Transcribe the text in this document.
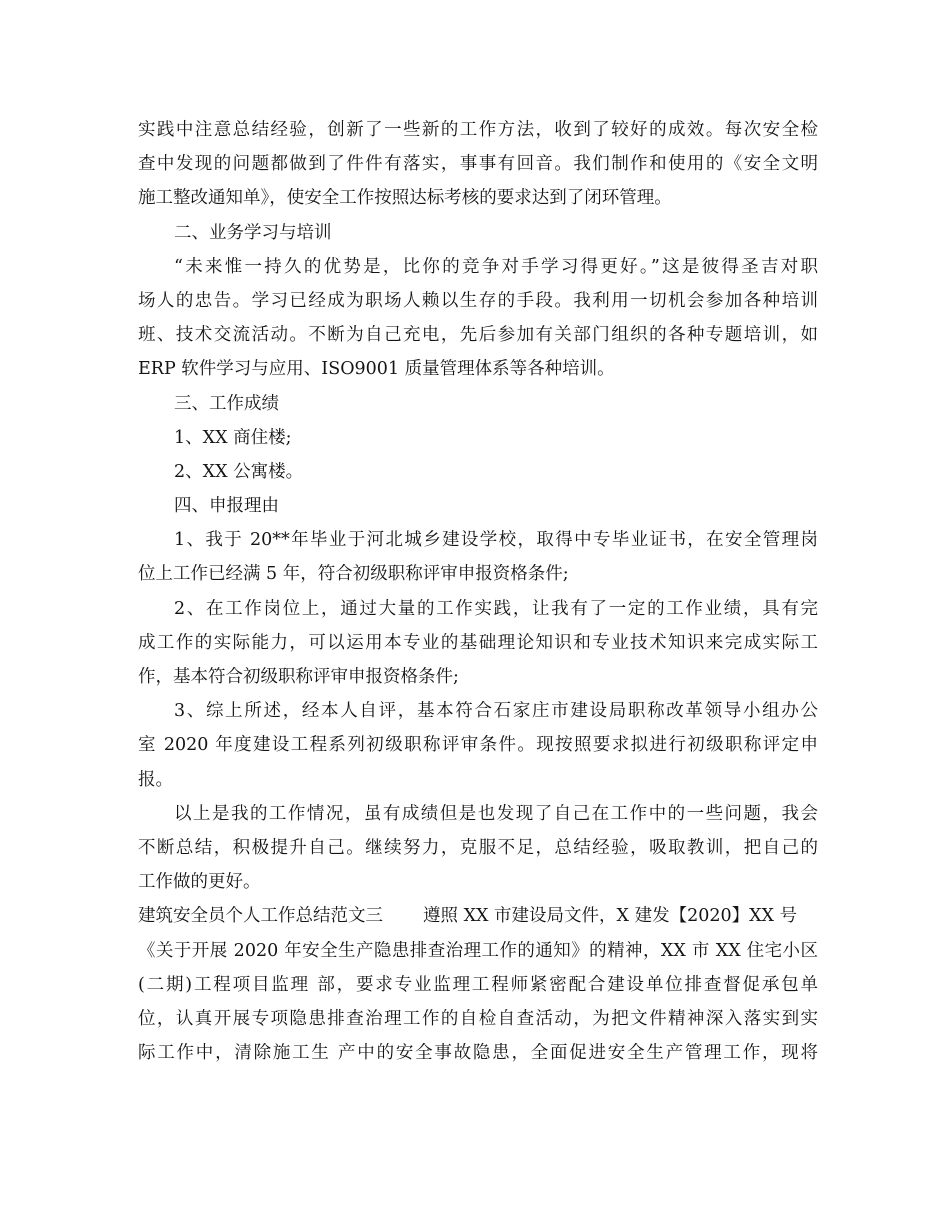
实践中注意总结经验，创新了一些新的工作方法，收到了较好的成效。每次安全检
查中发现的问题都做到了件件有落实，事事有回音。我们制作和使用的《安全文明
施工整改通知单》，使安全工作按照达标考核的要求达到了闭环管理。
二、业务学习与培训
“未来惟一持久的优势是，比你的竞争对手学习得更好。”这是彼得圣吉对职
场人的忠告。学习已经成为职场人赖以生存的手段。我利用一切机会参加各种培训
班、技术交流活动。不断为自己充电，先后参加有关部门组织的各种专题培训，如
ERP 软件学习与应用、ISO9001 质量管理体系等各种培训。
三、工作成绩
1、XX 商住楼;
2、XX 公寓楼。
四、申报理由
1、我于 20**年毕业于河北城乡建设学校，取得中专毕业证书，在安全管理岗
位上工作已经满 5 年，符合初级职称评审申报资格条件;
2、在工作岗位上，通过大量的工作实践，让我有了一定的工作业绩，具有完
成工作的实际能力，可以运用本专业的基础理论知识和专业技术知识来完成实际工
作，基本符合初级职称评审申报资格条件;
3、综上所述，经本人自评，基本符合石家庄市建设局职称改革领导小组办公
室 2020 年度建设工程系列初级职称评审条件。现按照要求拟进行初级职称评定申
报。
以上是我的工作情况，虽有成绩但是也发现了自己在工作中的一些问题，我会
不断总结，积极提升自己。继续努力，克服不足，总结经验，吸取教训，把自己的
工作做的更好。
建筑安全员个人工作总结范文三 遵照 XX 市建设局文件，X 建发【2020】XX 号
《关于开展 2020 年安全生产隐患排查治理工作的通知》的精神，XX 市 XX 住宅小区
(二期)工程项目监理 部，要求专业监理工程师紧密配合建设单位排查督促承包单
位，认真开展专项隐患排查治理工作的自检自查活动，为把文件精神深入落实到实
际工作中，清除施工生 产中的安全事故隐患，全面促进安全生产管理工作，现将
